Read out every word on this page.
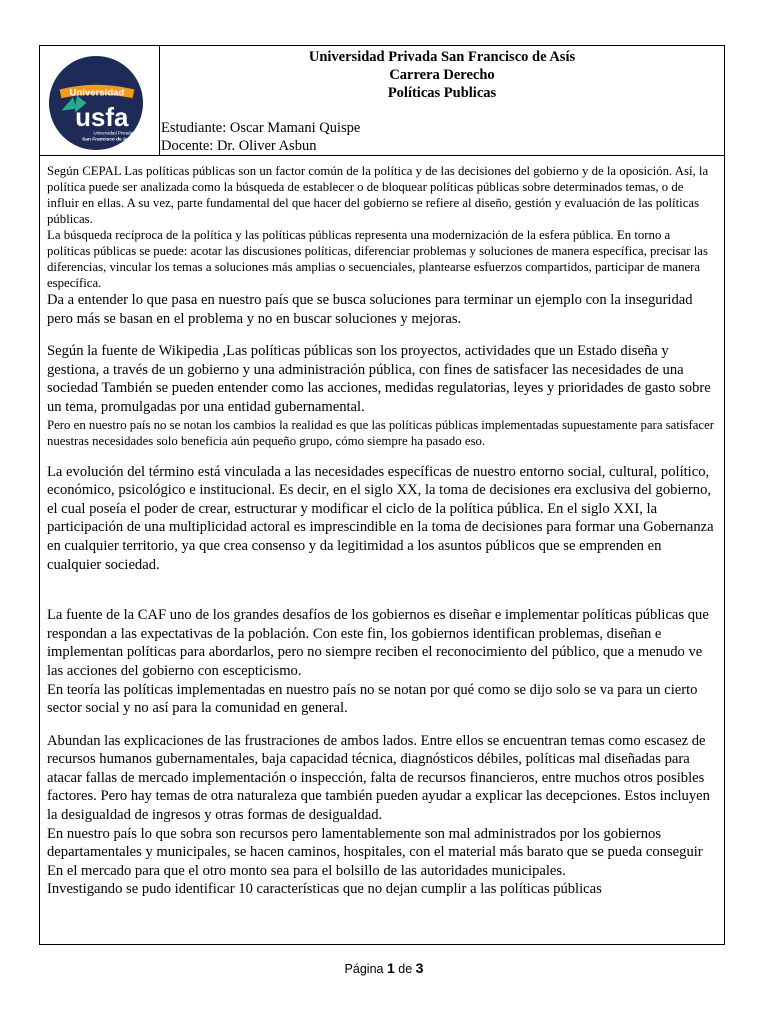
Universidad
usfa
Universidad Privada
San Francisco de Asís
Universidad Privada San Francisco de Asís
Carrera Derecho
Políticas Publicas
Estudiante: Oscar Mamani Quispe
Docente: Dr. Oliver Asbun
Según CEPAL Las políticas públicas son un factor común de la política y de las decisiones del gobierno y de la oposición. Así, la política puede ser analizada como la búsqueda de establecer o de bloquear políticas públicas sobre determinados temas, o de influir en ellas. A su vez, parte fundamental del que hacer del gobierno se refiere al diseño, gestión y evaluación de las políticas públicas.
La búsqueda recíproca de la política y las políticas públicas representa una modernización de la esfera pública. En torno a políticas públicas se puede: acotar las discusiones políticas, diferenciar problemas y soluciones de manera específica, precisar las diferencias, vincular los temas a soluciones más amplias o secuenciales, plantearse esfuerzos compartidos, participar de manera específica.
Da a entender lo que pasa en nuestro país que se busca soluciones para terminar un ejemplo con la inseguridad pero más se basan en el problema y no en buscar soluciones y mejoras.
Según la fuente de Wikipedia ,Las políticas públicas son los proyectos, actividades que un Estado diseña y gestiona, a través de un gobierno y una administración pública, con fines de satisfacer las necesidades de una sociedad También se pueden entender como las acciones, medidas regulatorias, leyes y prioridades de gasto sobre un tema, promulgadas por una entidad gubernamental.
Pero en nuestro país no se notan los cambios la realidad es que las políticas públicas implementadas supuestamente para satisfacer nuestras necesidades solo beneficia aún pequeño grupo, cómo siempre ha pasado eso.
La evolución del término está vinculada a las necesidades específicas de nuestro entorno social, cultural, político, económico, psicológico e institucional. Es decir, en el siglo XX, la toma de decisiones era exclusiva del gobierno, el cual poseía el poder de crear, estructurar y modificar el ciclo de la política pública. En el siglo XXI, la participación de una multiplicidad actoral es imprescindible en la toma de decisiones para formar una Gobernanza en cualquier territorio, ya que crea consenso y da legitimidad a los asuntos públicos que se emprenden en cualquier sociedad.
La fuente de la CAF uno de los grandes desafíos de los gobiernos es diseñar e implementar políticas públicas que respondan a las expectativas de la población. Con este fin, los gobiernos identifican problemas, diseñan e implementan políticas para abordarlos, pero no siempre reciben el reconocimiento del público, que a menudo ve las acciones del gobierno con escepticismo.
En teoría las políticas implementadas en nuestro país no se notan por qué como se dijo solo se va para un cierto sector social y no así para la comunidad en general.
Abundan las explicaciones de las frustraciones de ambos lados. Entre ellos se encuentran temas como escasez de recursos humanos gubernamentales, baja capacidad técnica, diagnósticos débiles, políticas mal diseñadas para atacar fallas de mercado implementación o inspección, falta de recursos financieros, entre muchos otros posibles factores. Pero hay temas de otra naturaleza que también pueden ayudar a explicar las decepciones. Estos incluyen la desigualdad de ingresos y otras formas de desigualdad.
En nuestro país lo que sobra son recursos pero lamentablemente son mal administrados por los gobiernos departamentales y municipales, se hacen caminos, hospitales, con el material más barato que se pueda conseguir En el mercado para que el otro monto sea para el bolsillo de las autoridades municipales.
Investigando se pudo identificar 10 características que no dejan cumplir a las políticas públicas
Página 1 de 3
